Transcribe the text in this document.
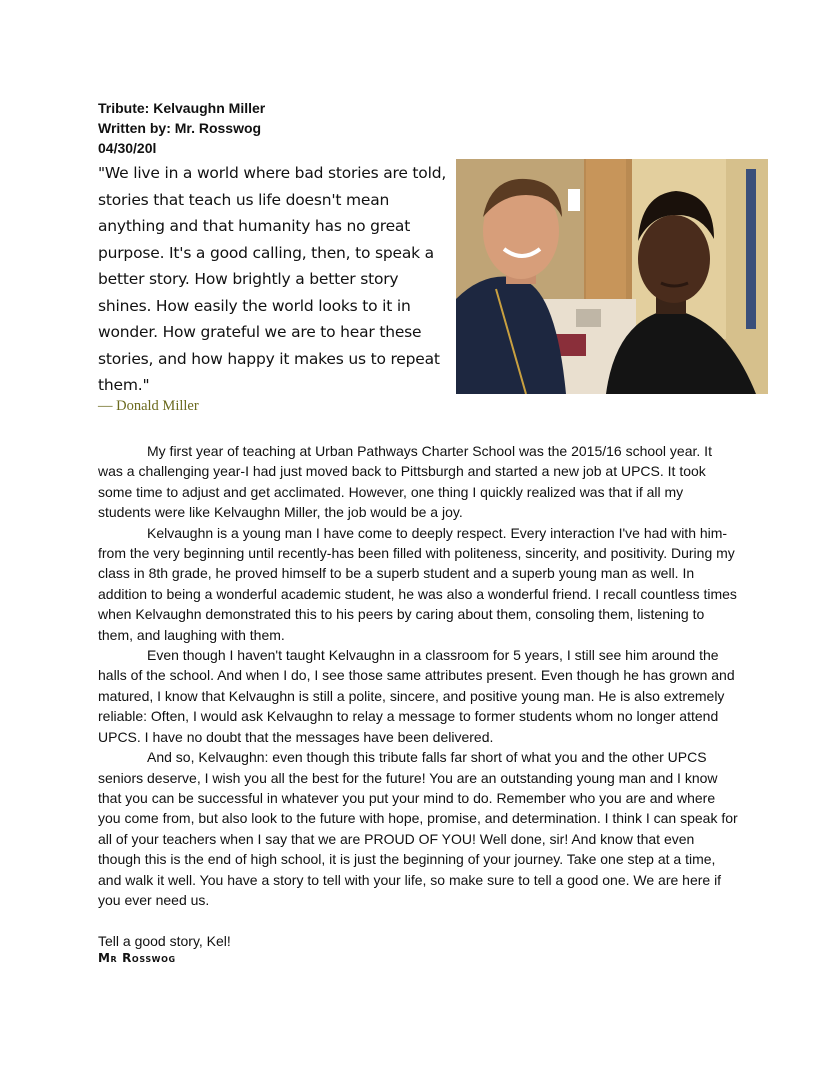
Tribute: Kelvaughn Miller
Written by: Mr. Rosswog
04/30/20l
"We live in a world where bad stories are told, stories that teach us life doesn't mean anything and that humanity has no great purpose. It's a good calling, then, to speak a better story. How brightly a better story shines. How easily the world looks to it in wonder. How grateful we are to hear these stories, and how happy it makes us to repeat them."
― Donald Miller

My first year of teaching at Urban Pathways Charter School was the 2015/16 school year. It was a challenging year-I had just moved back to Pittsburgh and started a new job at UPCS. It took some time to adjust and get acclimated. However, one thing I quickly realized was that if all my students were like Kelvaughn Miller, the job would be a joy.

Kelvaughn is a young man I have come to deeply respect. Every interaction I've had with him-from the very beginning until recently-has been filled with politeness, sincerity, and positivity. During my class in 8th grade, he proved himself to be a superb student and a superb young man as well. In addition to being a wonderful academic student, he was also a wonderful friend. I recall countless times when Kelvaughn demonstrated this to his peers by caring about them, consoling them, listening to them, and laughing with them.

Even though I haven't taught Kelvaughn in a classroom for 5 years, I still see him around the halls of the school. And when I do, I see those same attributes present. Even though he has grown and matured, I know that Kelvaughn is still a polite, sincere, and positive young man. He is also extremely reliable: Often, I would ask Kelvaughn to relay a message to former students whom no longer attend UPCS. I have no doubt that the messages have been delivered.

And so, Kelvaughn: even though this tribute falls far short of what you and the other UPCS seniors deserve, I wish you all the best for the future! You are an outstanding young man and I know that you can be successful in whatever you put your mind to do. Remember who you are and where you come from, but also look to the future with hope, promise, and determination. I think I can speak for all of your teachers when I say that we are PROUD OF YOU! Well done, sir! And know that even though this is the end of high school, it is just the beginning of your journey. Take one step at a time, and walk it well. You have a story to tell with your life, so make sure to tell a good one. We are here if you ever need us.

Tell a good story, Kel!
Mr Rosswog
